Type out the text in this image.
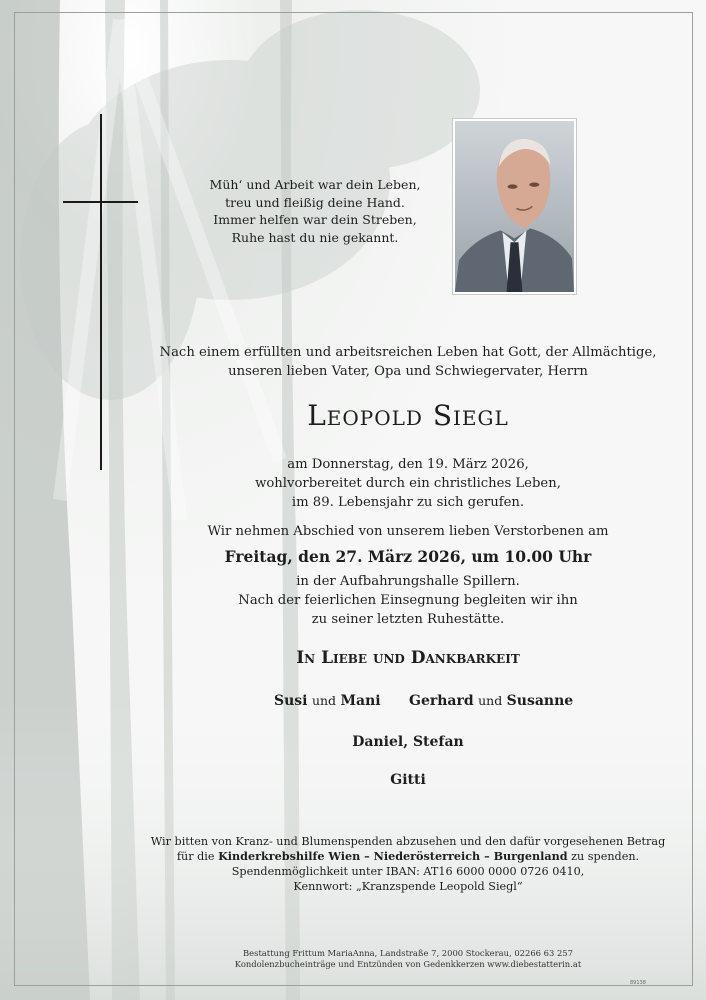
Müh‘ und Arbeit war dein Leben,
treu und fleißig deine Hand.
Immer helfen war dein Streben,
Ruhe hast du nie gekannt.
Nach einem erfüllten und arbeitsreichen Leben hat Gott, der Allmächtige,
unseren lieben Vater, Opa und Schwiegervater, Herrn
Leopold Siegl
am Donnerstag, den 19. März 2026,
wohlvorbereitet durch ein christliches Leben,
im 89. Lebensjahr zu sich gerufen.
Wir nehmen Abschied von unserem lieben Verstorbenen am
Freitag, den 27. März 2026, um 10.00 Uhr
in der Aufbahrungshalle Spillern.
Nach der feierlichen Einsegnung begleiten wir ihn
zu seiner letzten Ruhestätte.
In Liebe und Dankbarkeit
Susi und Mani Gerhard und Susanne
Daniel, Stefan
Gitti
Wir bitten von Kranz- und Blumenspenden abzusehen und den dafür vorgesehenen Betrag
für die Kinderkrebshilfe Wien – Niederösterreich – Burgenland zu spenden.
Spendenmöglichkeit unter IBAN: AT16 6000 0000 0726 0410,
Kennwort: „Kranzspende Leopold Siegl“
Bestattung Frittum MariaAnna, Landstraße 7, 2000 Stockerau, 02266 63 257
Kondolenzbucheinträge und Entzünden von Gedenkkerzen www.diebestatterin.at
89138
